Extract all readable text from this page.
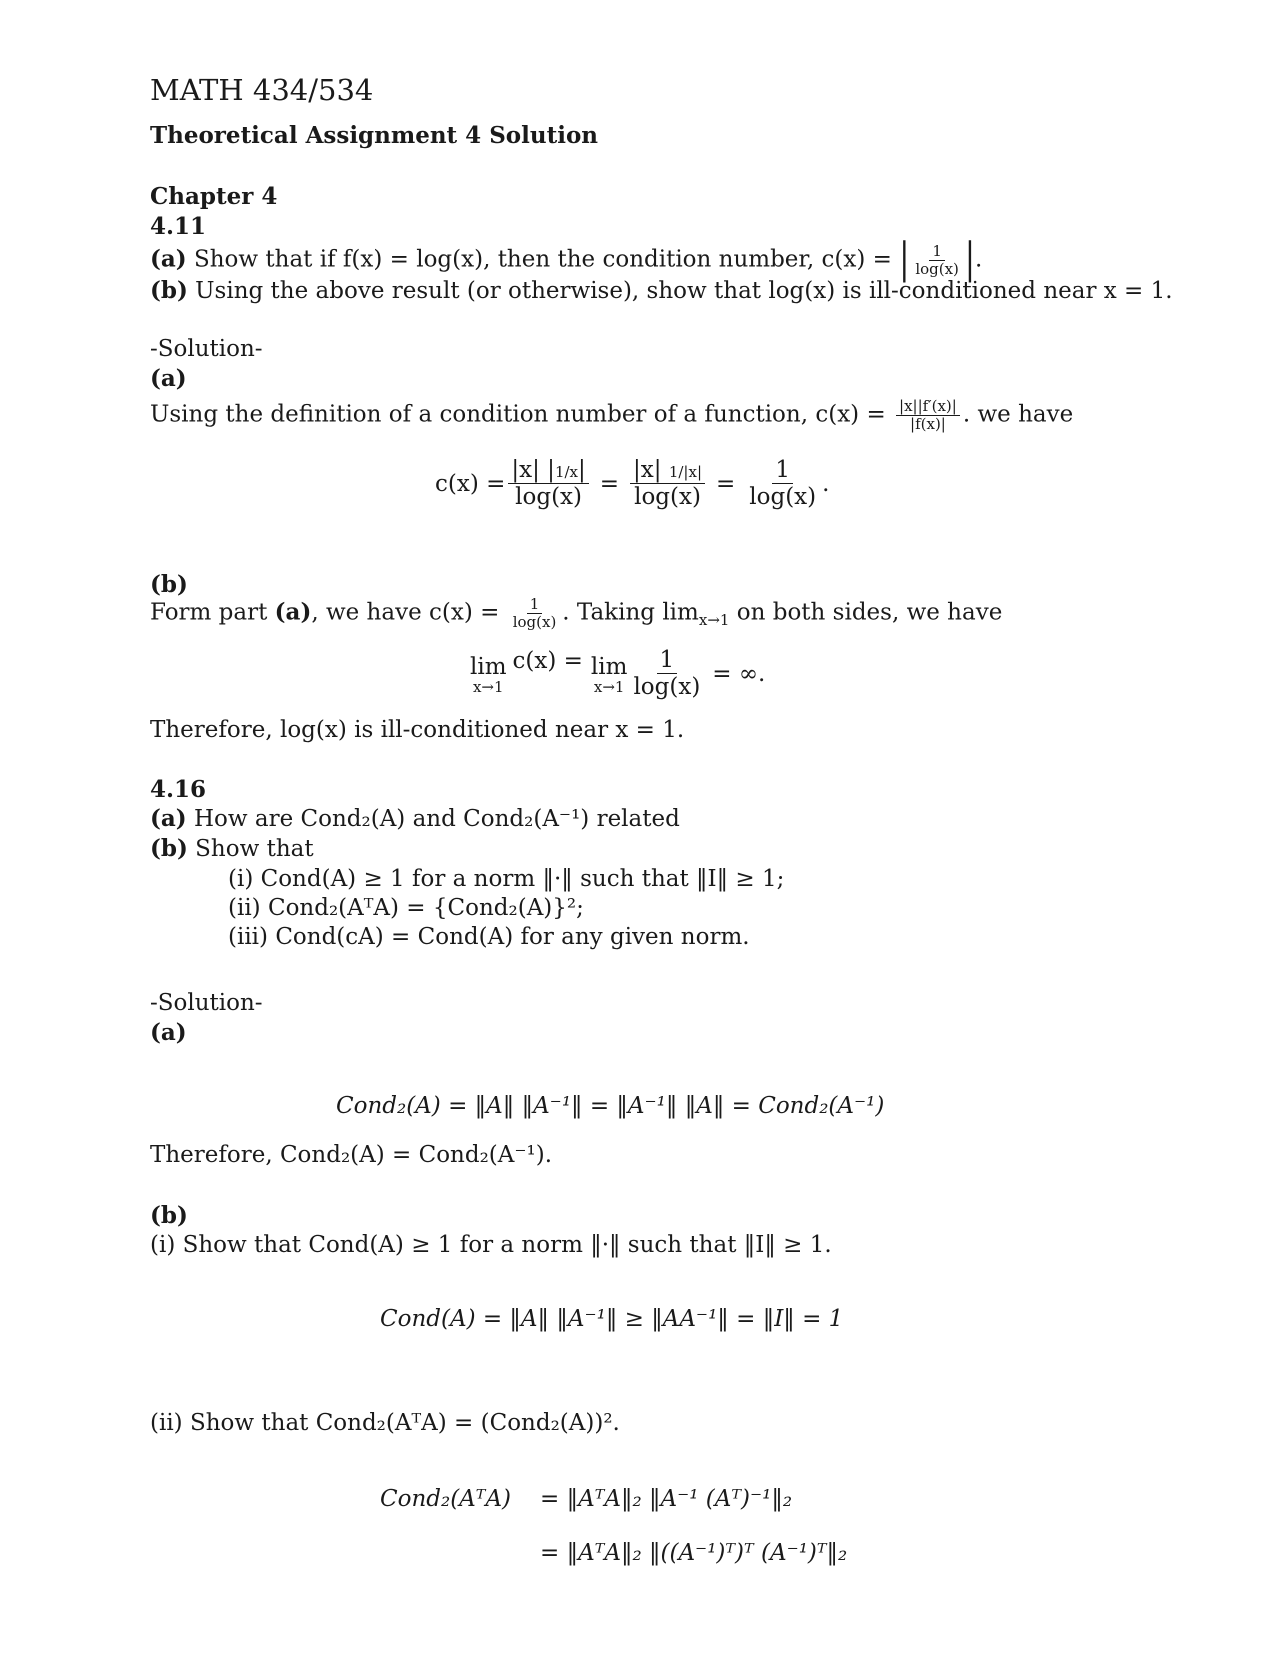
MATH 434/534
Theoretical Assignment 4 Solution
Chapter 4
4.11
(a) Show that if f(x) = log(x), then the condition number, c(x) = | $\frac{1}{\log(x)}$ |.
(b) Using the above result (or otherwise), show that log(x) is ill-conditioned near x = 1.
-Solution-
(a)
Using the definition of a condition number of a function, $c(x) = \frac{|x||f'(x)|}{|f(x)|}$ . we have
$c(x) = \frac{|x| |1/x|}{\log(x)} = \frac{|x| 1/|x|}{\log(x)} = \frac{1}{\log(x)}$ .
(b)
Form part (a), we have $c(x) = \frac{1}{\log(x)}$ . Taking $\lim_{x\to 1}$ on both sides, we have
lim
x→1
c(x) = lim
$x\to 1 \frac{1}{\log(x)}$ = ∞.
Therefore, log(x) is ill-conditioned near x = 1.
4.16
(a) How are Cond₂(A) and Cond₂(A⁻¹) related
(b) Show that
(i) Cond(A) ≥ 1 for a norm ‖·‖ such that ‖I‖ ≥ 1;
(ii) Cond₂(AᵀA) = {Cond₂(A)}²;
(iii) Cond(cA) = Cond(A) for any given norm.
-Solution-
(a)
Cond₂(A) = ‖A‖ ‖A⁻¹‖ = ‖A⁻¹‖ ‖A‖ = Cond₂(A⁻¹)
Therefore, Cond₂(A) = Cond₂(A⁻¹).
(b)
(i) Show that Cond(A) ≥ 1 for a norm ‖·‖ such that ‖I‖ ≥ 1.
Cond(A) = ‖A‖ ‖A⁻¹‖ ≥ ‖AA⁻¹‖ = ‖I‖ = 1
(ii) Show that Cond₂(AᵀA) = (Cond₂(A))².
Cond₂(AᵀA) = ‖AᵀA‖₂ ‖A⁻¹ (Aᵀ)⁻¹‖₂
= ‖AᵀA‖₂ ‖((A⁻¹)ᵀ)ᵀ (A⁻¹)ᵀ‖₂
